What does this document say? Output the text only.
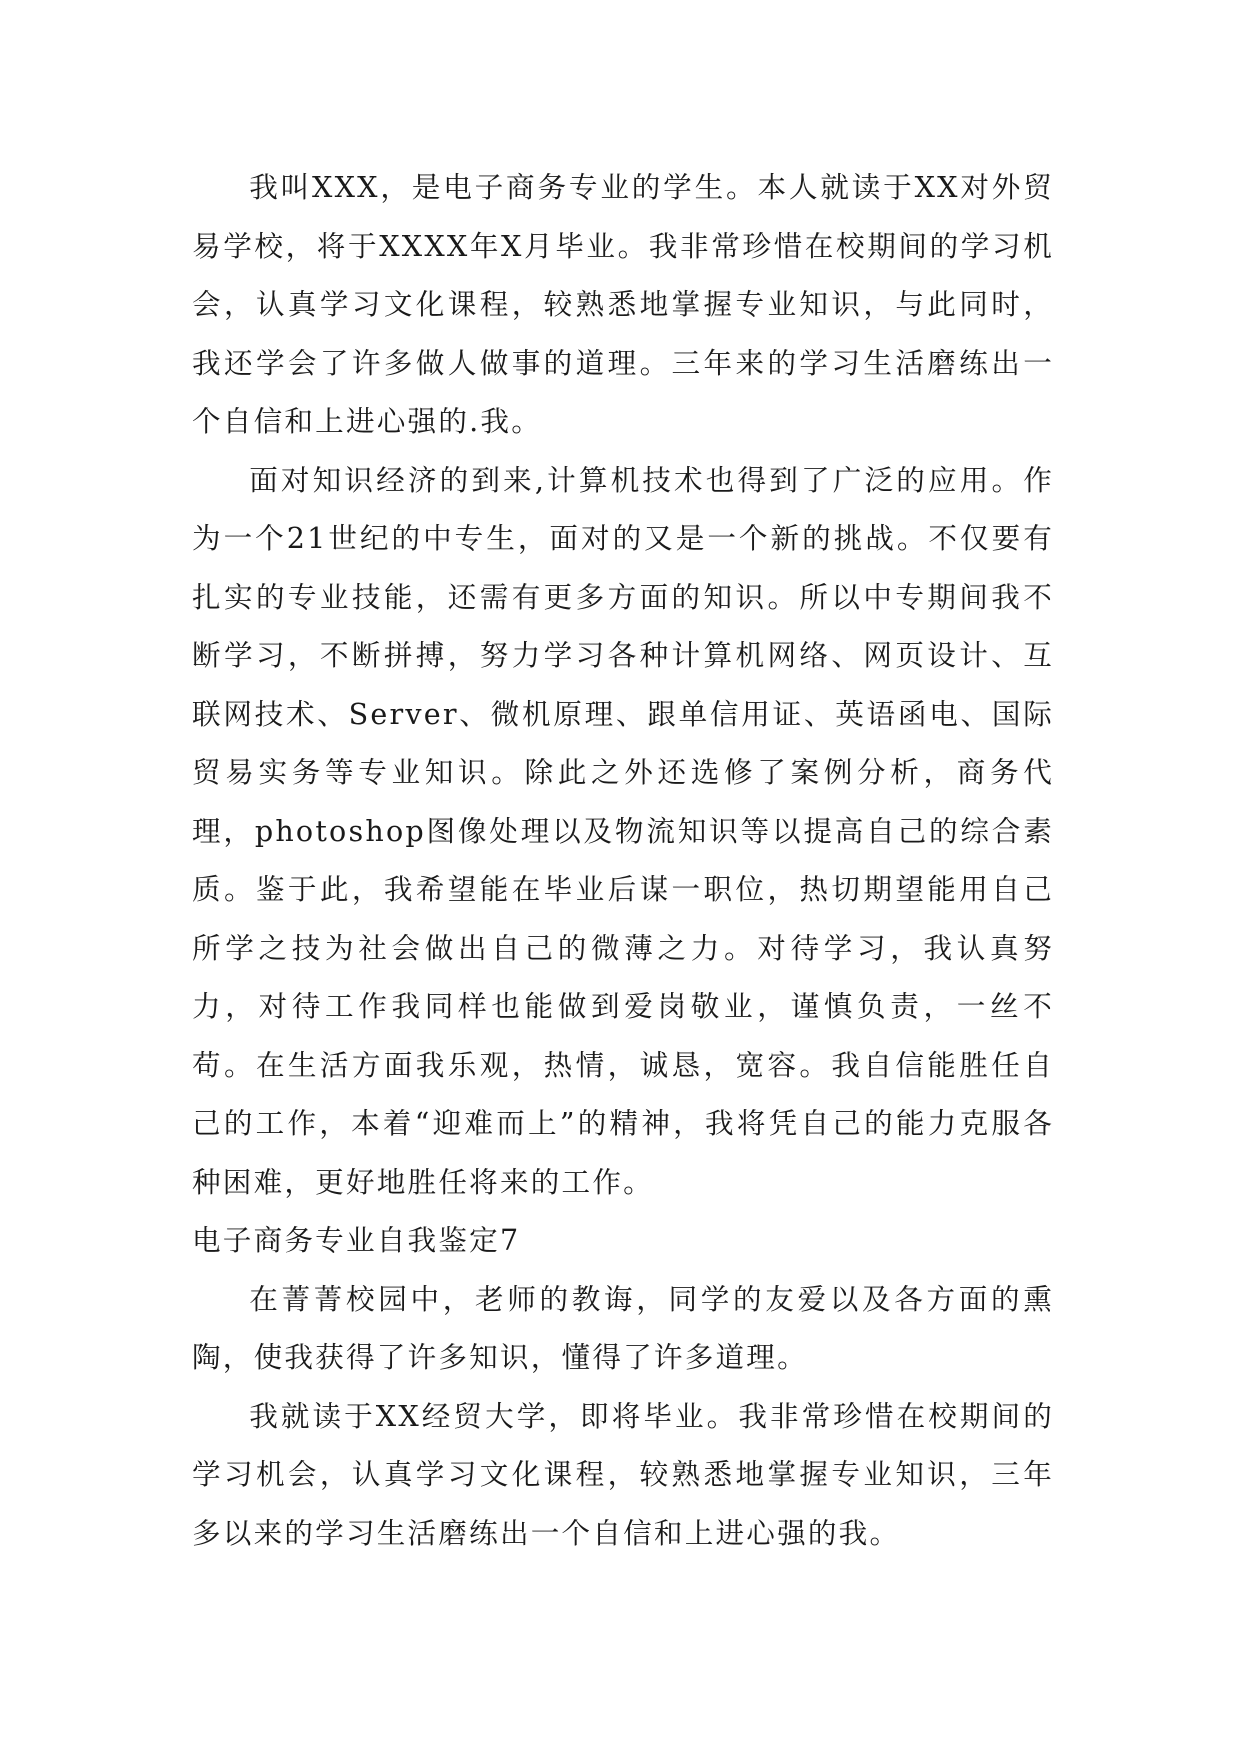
我叫XXX，是电子商务专业的学生。本人就读于XX对外贸易学校，将于XXXX年X月毕业。我非常珍惜在校期间的学习机会，认真学习文化课程，较熟悉地掌握专业知识，与此同时，我还学会了许多做人做事的道理。三年来的学习生活磨练出一个自信和上进心强的.我。

面对知识经济的到来,计算机技术也得到了广泛的应用。作为一个21世纪的中专生，面对的又是一个新的挑战。不仅要有扎实的专业技能，还需有更多方面的知识。所以中专期间我不断学习，不断拼搏，努力学习各种计算机网络、网页设计、互联网技术、Server、微机原理、跟单信用证、英语函电、国际贸易实务等专业知识。除此之外还选修了案例分析，商务代理，photoshop图像处理以及物流知识等以提高自己的综合素质。鉴于此，我希望能在毕业后谋一职位，热切期望能用自己所学之技为社会做出自己的微薄之力。对待学习，我认真努力，对待工作我同样也能做到爱岗敬业，谨慎负责，一丝不苟。在生活方面我乐观，热情，诚恳，宽容。我自信能胜任自己的工作，本着“迎难而上”的精神，我将凭自己的能力克服各种困难，更好地胜任将来的工作。

电子商务专业自我鉴定7

在菁菁校园中，老师的教诲，同学的友爱以及各方面的熏陶，使我获得了许多知识，懂得了许多道理。

我就读于XX经贸大学，即将毕业。我非常珍惜在校期间的学习机会，认真学习文化课程，较熟悉地掌握专业知识，三年多以来的学习生活磨练出一个自信和上进心强的我。
